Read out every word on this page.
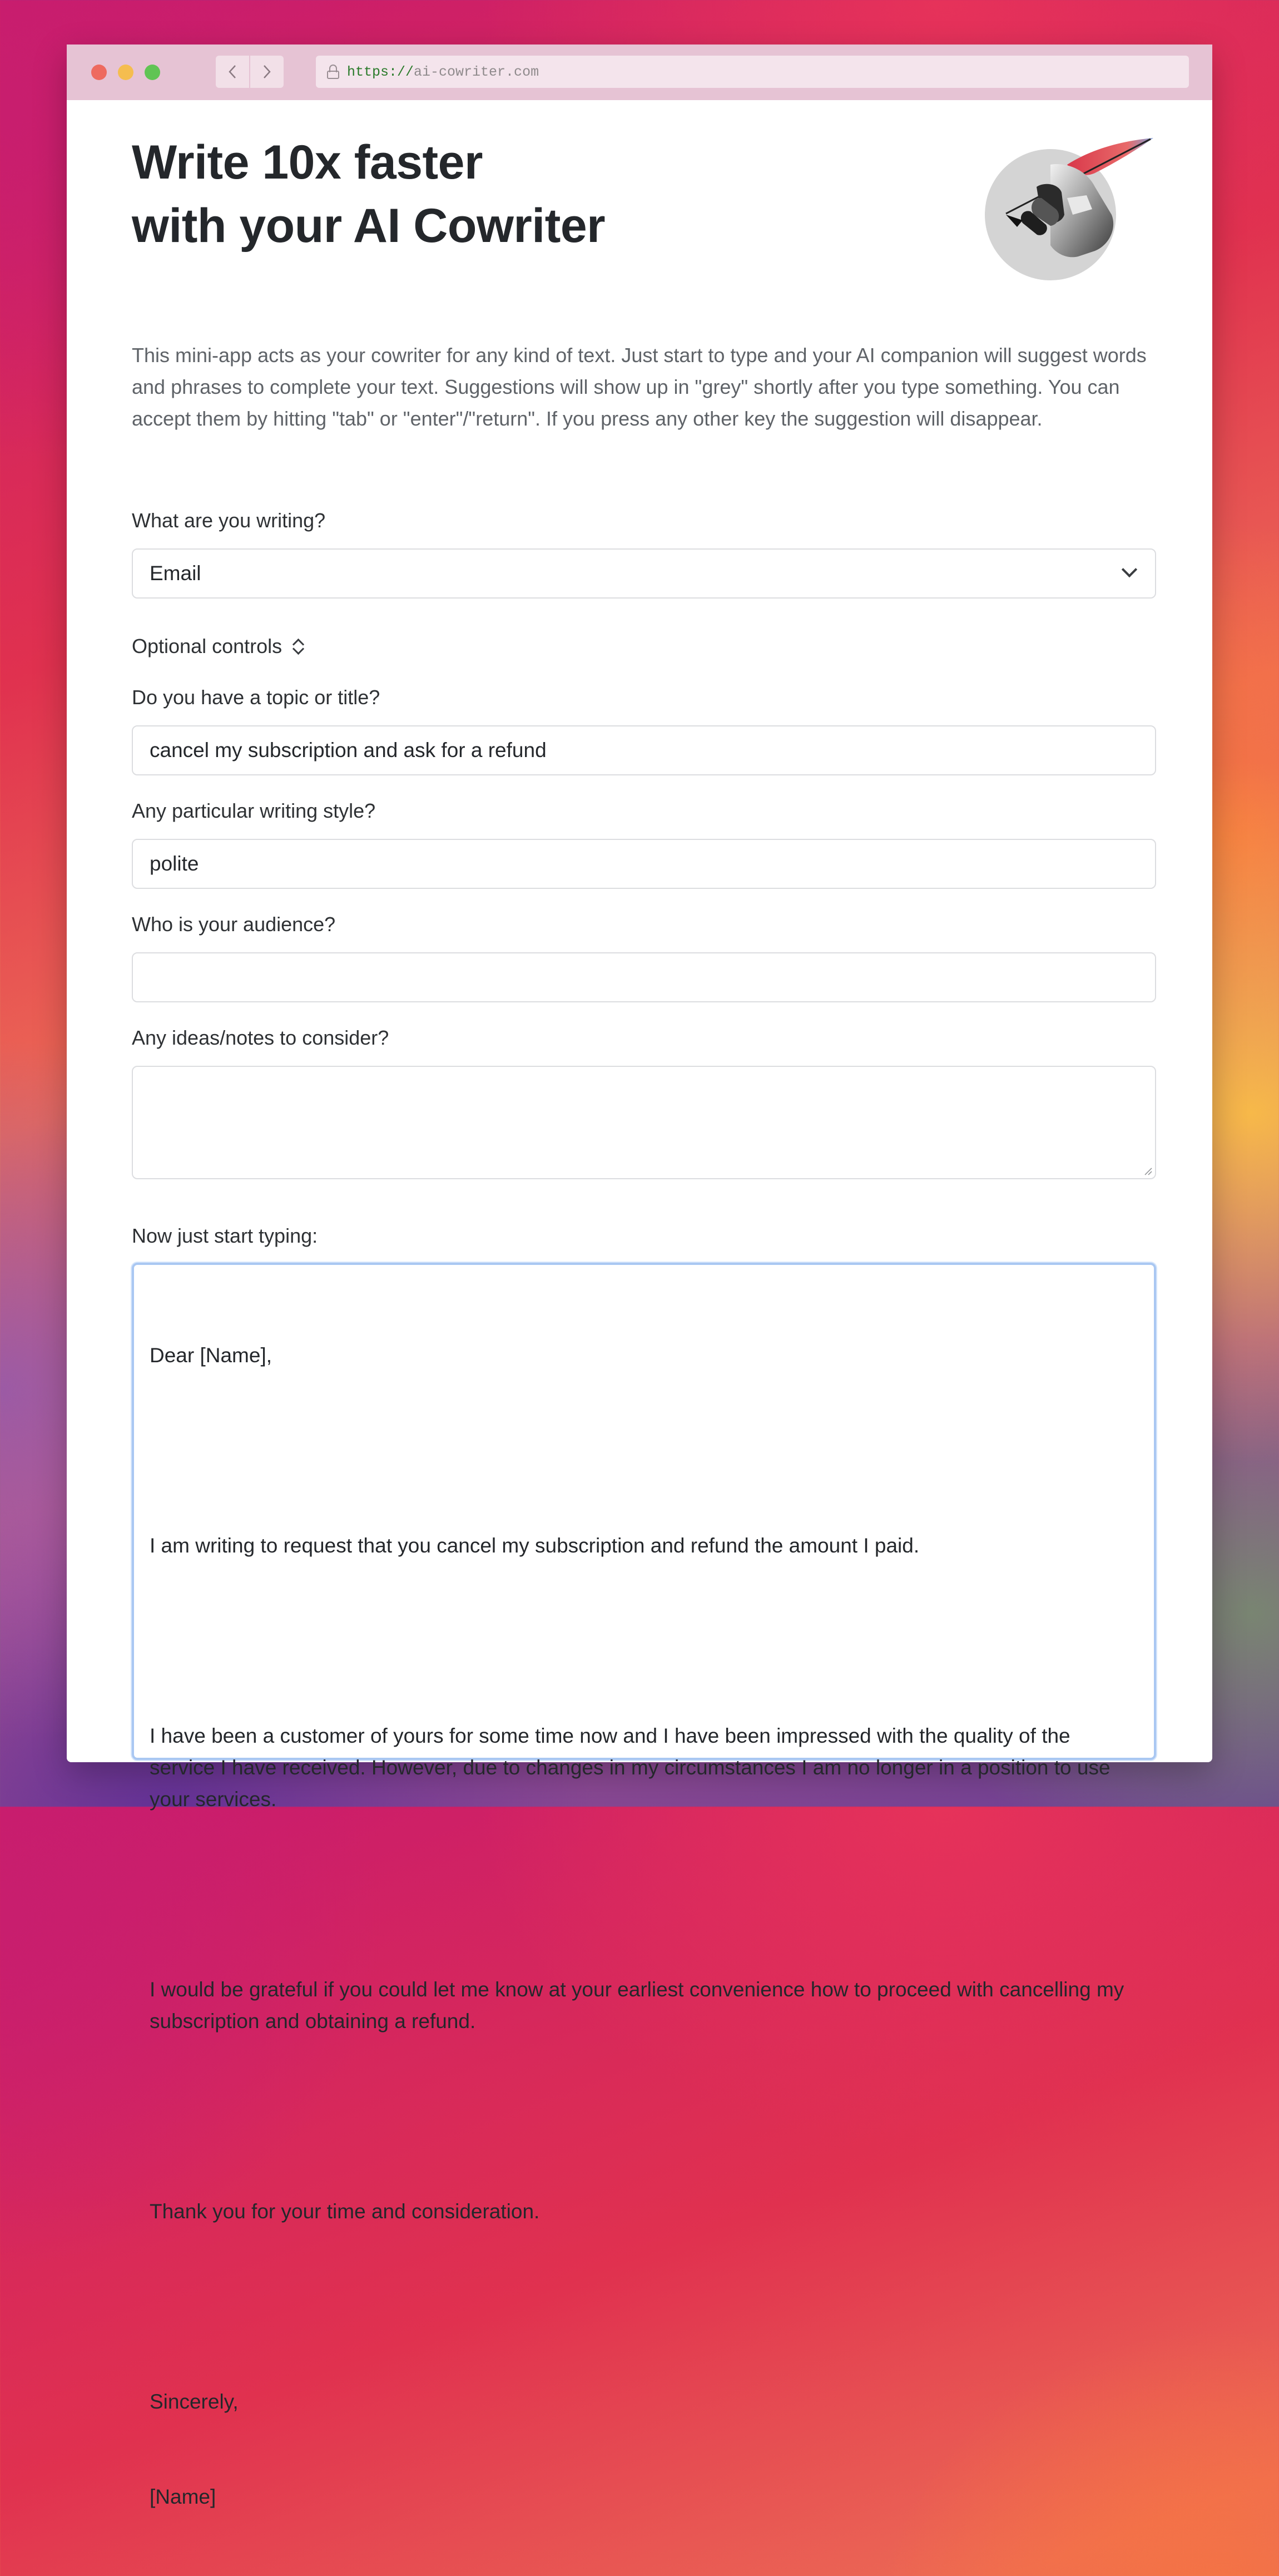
https:// ai-cowriter.com
Write 10x faster
with your AI Cowriter

This mini-app acts as your cowriter for any kind of text. Just start to type and your AI companion will suggest words and phrases to complete your text. Suggestions will show up in "grey" shortly after you type something. You can accept them by hitting "tab" or "enter"/"return". If you press any other key the suggestion will disappear.

What are you writing?
Email
Optional controls
Do you have a topic or title?
cancel my subscription and ask for a refund
Any particular writing style?
polite
Who is your audience?
Any ideas/notes to consider?
Now just start typing:

Dear [Name],

I am writing to request that you cancel my subscription and refund the amount I paid.

I have been a customer of yours for some time now and I have been impressed with the quality of the service I have received. However, due to changes in my circumstances I am no longer in a position to use your services.

I would be grateful if you could let me know at your earliest convenience how to proceed with cancelling my subscription and obtaining a refund.

Thank you for your time and consideration.

Sincerely,

[Name]
